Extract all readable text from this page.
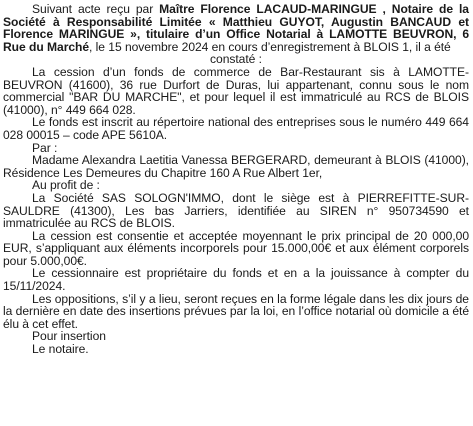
Suivant acte reçu par Maître Florence LACAUD-MARINGUE , Notaire de la Société à Responsabilité Limitée « Matthieu GUYOT, Augustin BANCAUD et Florence MARINGUE », titulaire d’un Office Notarial à LAMOTTE BEUVRON, 6 Rue du Marché, le 15 novembre 2024 en cours d’enregistrement à BLOIS 1, il a été

constaté :

La cession d’un fonds de commerce de Bar-Restaurant sis à LAMOTTE-BEUVRON (41600), 36 rue Durfort de Duras, lui appartenant, connu sous le nom commercial "BAR DU MARCHE", et pour lequel il est immatriculé au RCS de BLOIS (41000), n° 449 664 028.

Le fonds est inscrit au répertoire national des entreprises sous le numéro 449 664 028 00015 – code APE 5610A.

Par :

Madame Alexandra Laetitia Vanessa BERGERARD, demeurant à BLOIS (41000), Résidence Les Demeures du Chapitre 160 A Rue Albert 1er,

Au profit de :

La Société SAS SOLOGN'IMMO, dont le siège est à PIERREFITTE-SUR-SAULDRE (41300), Les bas Jarriers, identifiée au SIREN n° 950734590 et immatriculée au RCS de BLOIS.

La cession est consentie et acceptée moyennant le prix principal de 20 000,00 EUR, s’appliquant aux éléments incorporels pour 15.000,00€ et aux élément corporels pour 5.000,00€.

Le cessionnaire est propriétaire du fonds et en a la jouissance à compter du 15/11/2024.

Les oppositions, s’il y a lieu, seront reçues en la forme légale dans les dix jours de la dernière en date des insertions prévues par la loi, en l’office notarial où domicile a été élu à cet effet.

Pour insertion

Le notaire.
